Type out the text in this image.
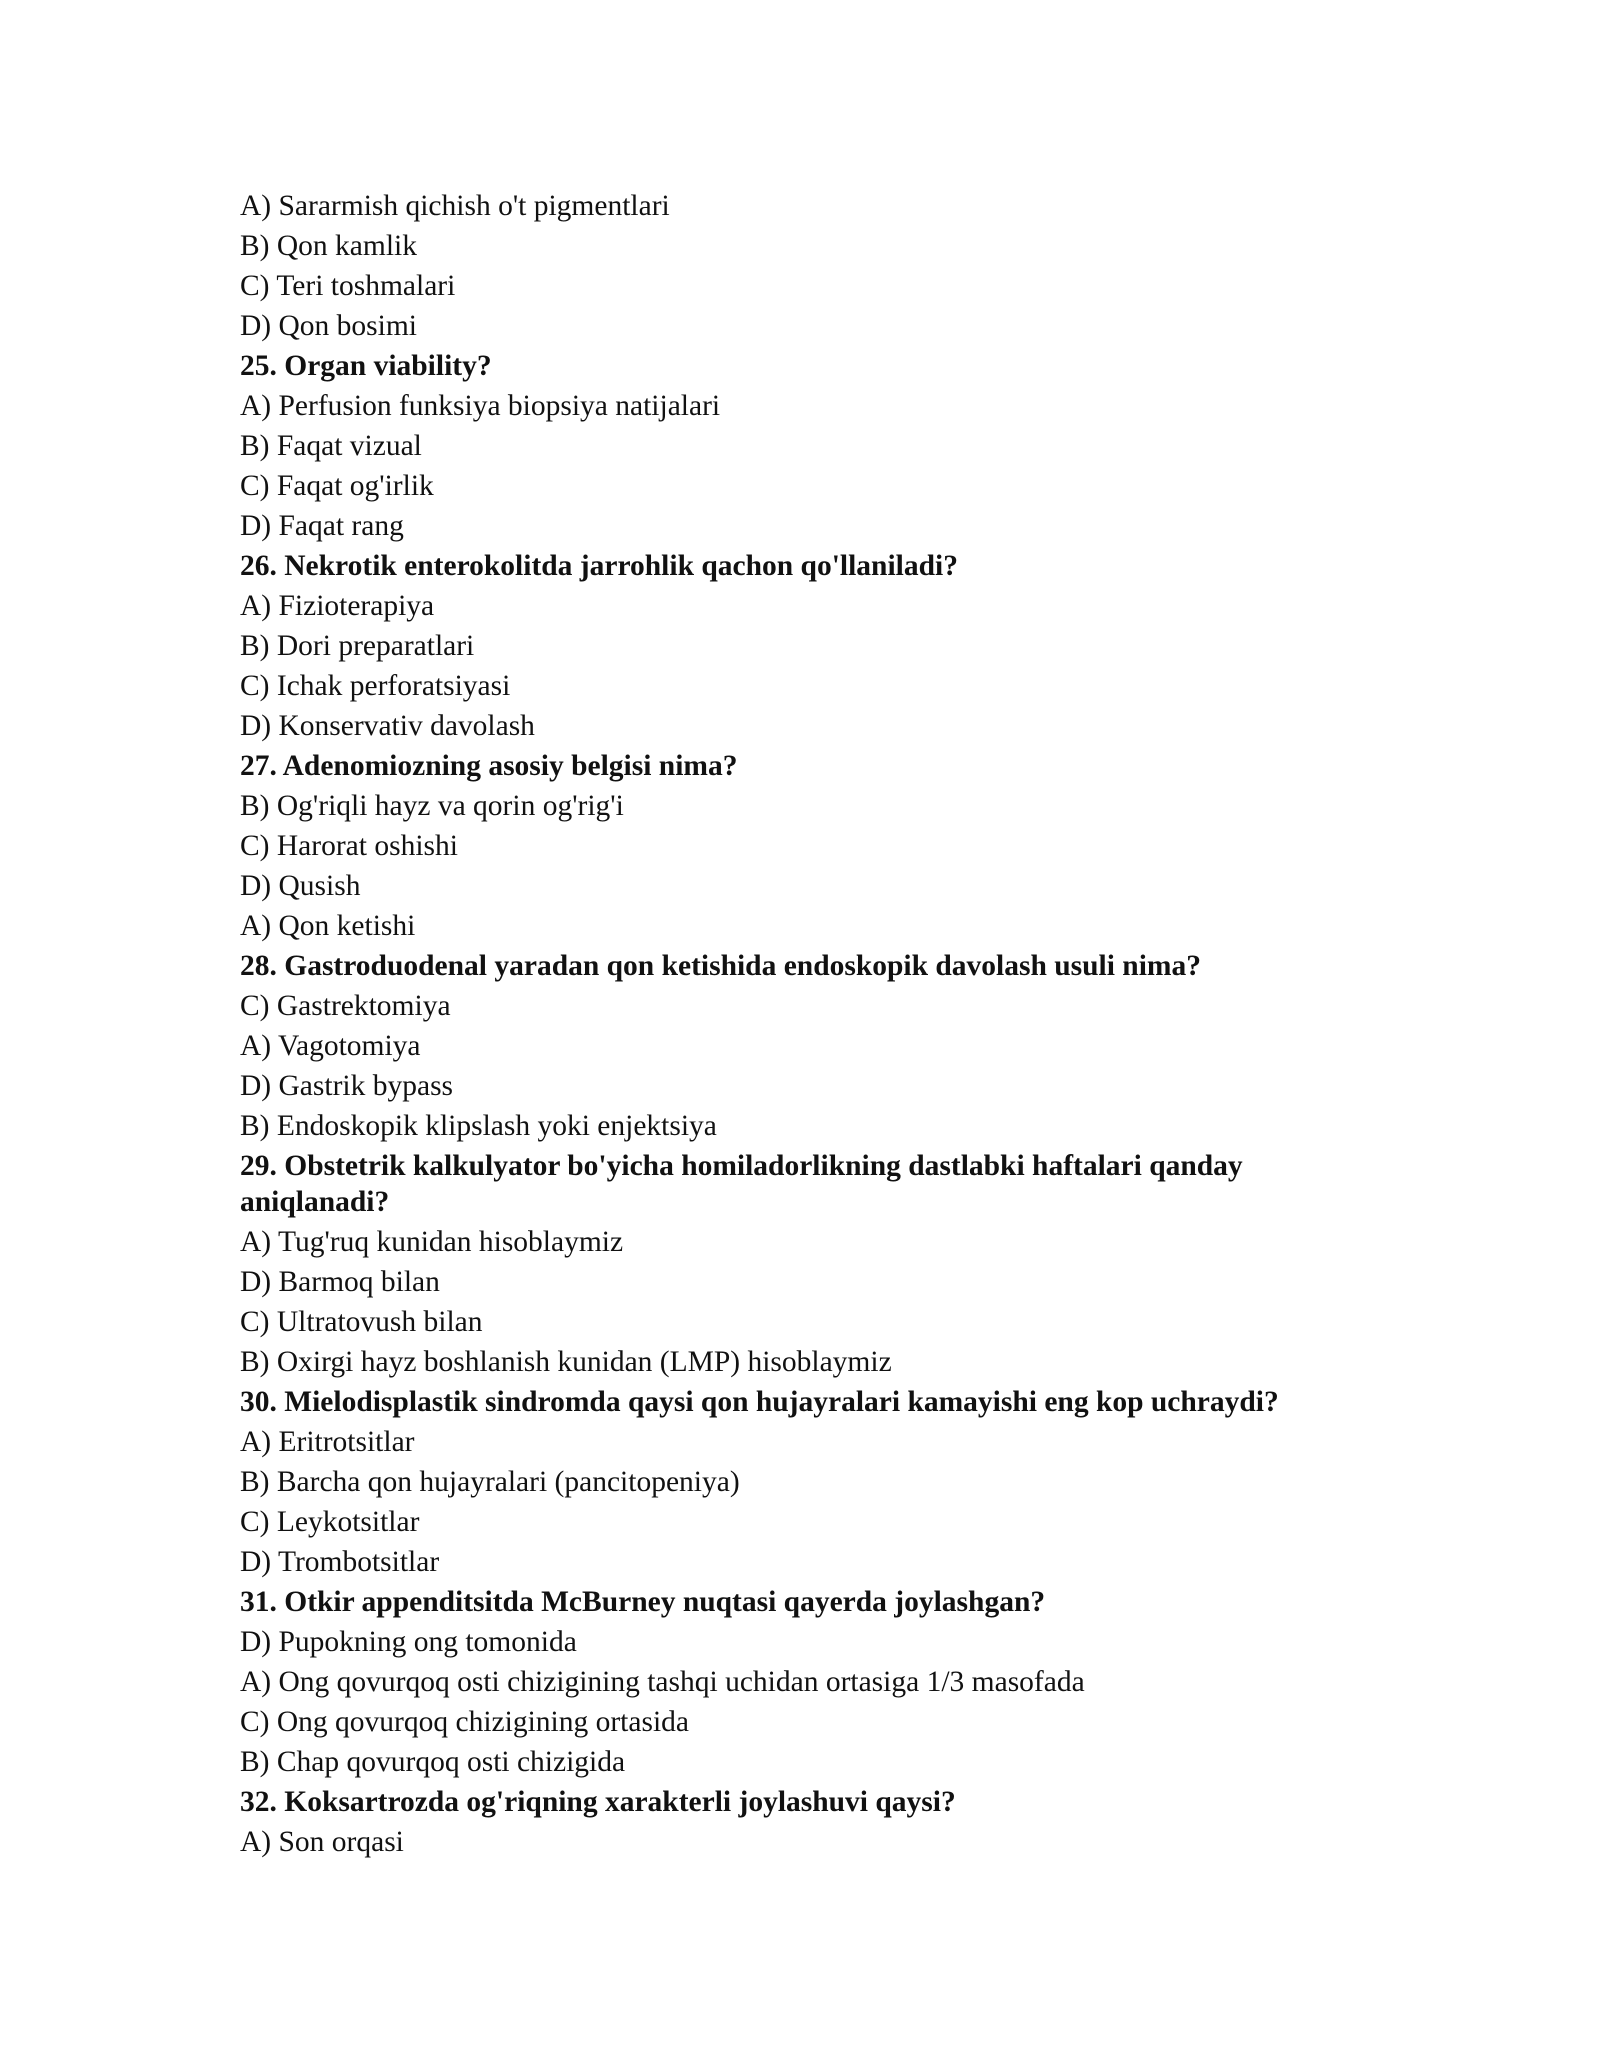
A) Sararmish qichish o't pigmentlari

B) Qon kamlik

C) Teri toshmalari

D) Qon bosimi

25. Organ viability?

A) Perfusion funksiya biopsiya natijalari

B) Faqat vizual

C) Faqat og'irlik

D) Faqat rang

26. Nekrotik enterokolitda jarrohlik qachon qo'llaniladi?

A) Fizioterapiya

B) Dori preparatlari

C) Ichak perforatsiyasi

D) Konservativ davolash

27. Adenomiozning asosiy belgisi nima?

B) Og'riqli hayz va qorin og'rig'i

C) Harorat oshishi

D) Qusish

A) Qon ketishi

28. Gastroduodenal yaradan qon ketishida endoskopik davolash usuli nima?

C) Gastrektomiya

A) Vagotomiya

D) Gastrik bypass

B) Endoskopik klipslash yoki enjektsiya

29. Obstetrik kalkulyator bo'yicha homiladorlikning dastlabki haftalari qanday aniqlanadi?

A) Tug'ruq kunidan hisoblaymiz

D) Barmoq bilan

C) Ultratovush bilan

B) Oxirgi hayz boshlanish kunidan (LMP) hisoblaymiz

30. Mielodisplastik sindromda qaysi qon hujayralari kamayishi eng kop uchraydi?

A) Eritrotsitlar

B) Barcha qon hujayralari (pancitopeniya)

C) Leykotsitlar

D) Trombotsitlar

31. Otkir appenditsitda McBurney nuqtasi qayerda joylashgan?

D) Pupokning ong tomonida

A) Ong qovurqoq osti chizigining tashqi uchidan ortasiga 1/3 masofada

C) Ong qovurqoq chizigining ortasida

B) Chap qovurqoq osti chizigida

32. Koksartrozda og'riqning xarakterli joylashuvi qaysi?

A) Son orqasi
